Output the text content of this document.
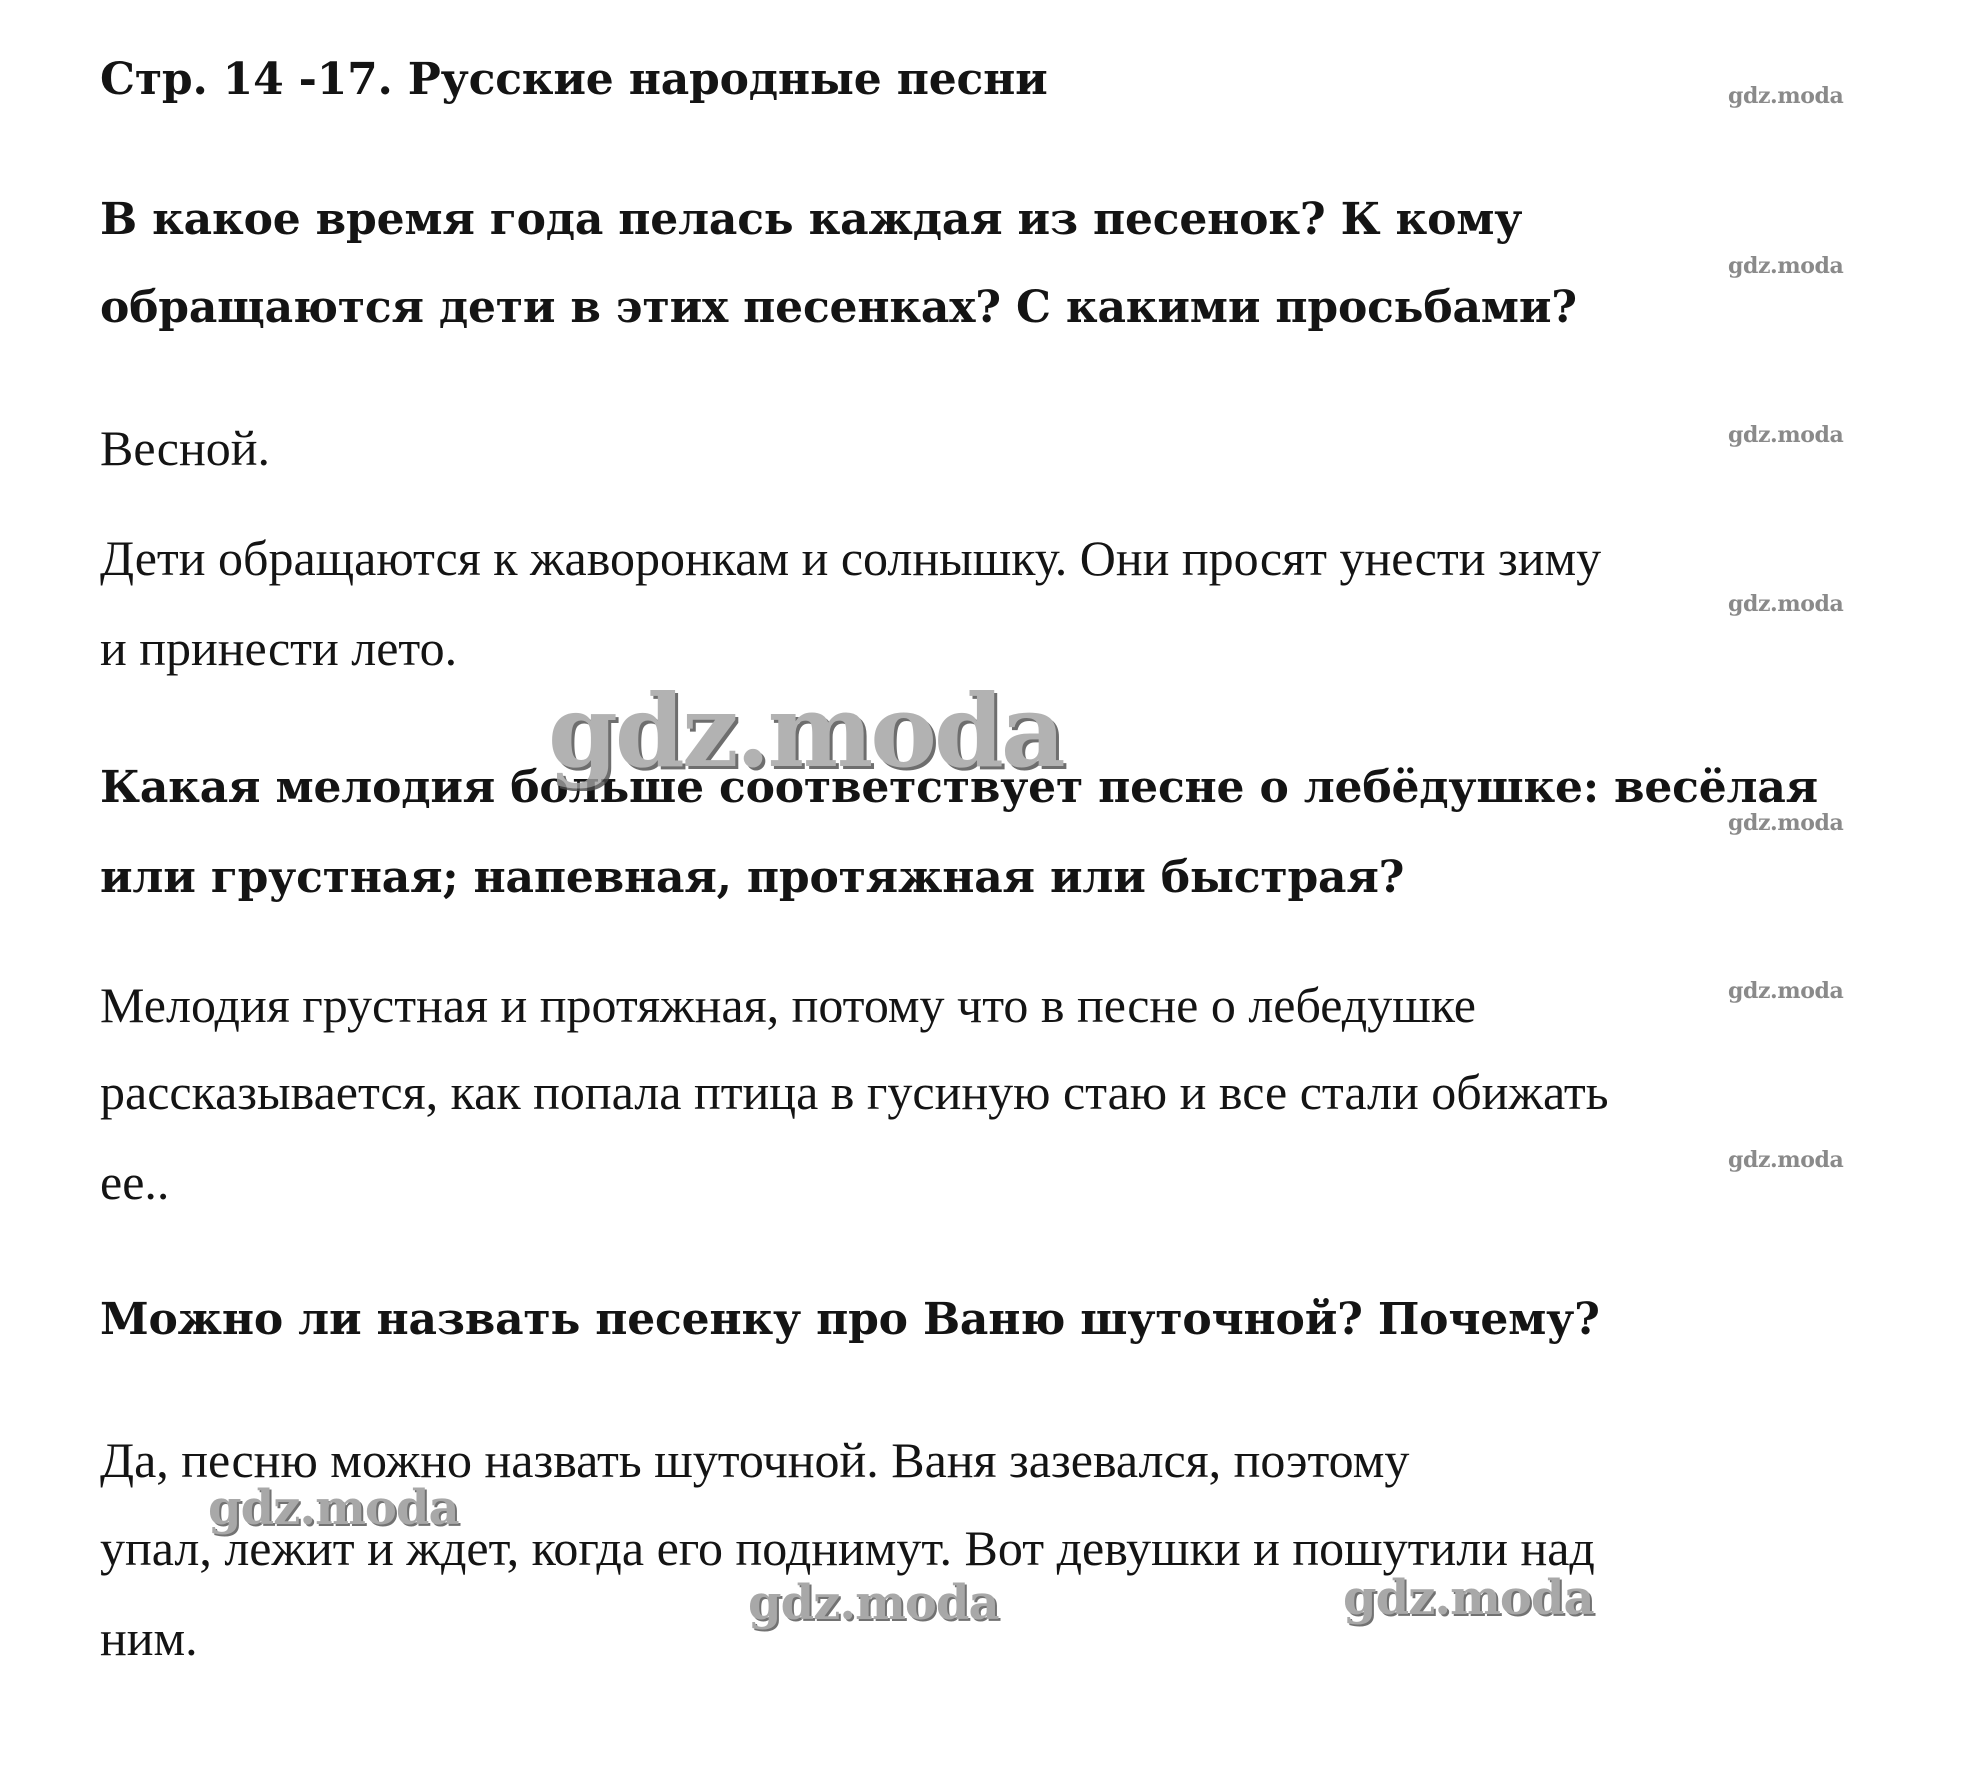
Стр. 14 -17. Русские народные песни
В какое время года пелась каждая из песенок? К кому
обращаются дети в этих песенках? С какими просьбами?
Весной.
Дети обращаются к жаворонкам и солнышку. Они просят унести зиму
и принести лето.
Какая мелодия больше соответствует песне о лебёдушке: весёлая
или грустная; напевная, протяжная или быстрая?
Мелодия грустная и протяжная, потому что в песне о лебедушке
рассказывается, как попала птица в гусиную стаю и все стали обижать
ее..
Можно ли назвать песенку про Ваню шуточной? Почему?
Да, песню можно назвать шуточной. Ваня зазевался, поэтому
упал, лежит и ждет, когда его поднимут. Вот девушки и пошутили над
ним.
gdz.moda
gdz.moda
gdz.moda
gdz.moda
gdz.moda
gdz.moda
gdz.moda
gdz.moda
gdz.moda
gdz.moda	gdz.moda
